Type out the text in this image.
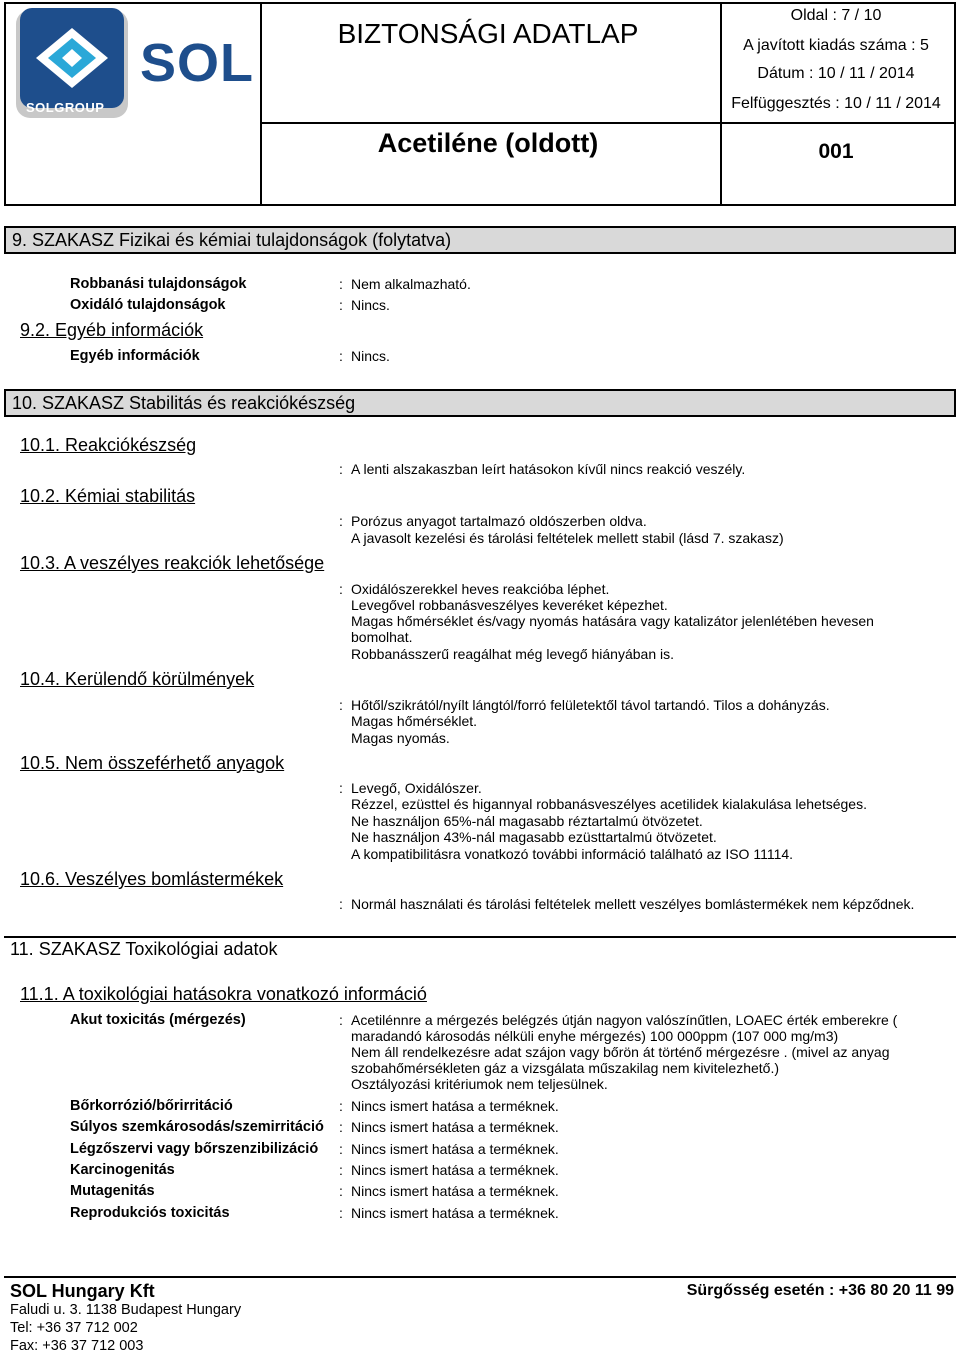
SOL
SOLGROUP
BIZTONSÁGI ADATLAP
Acetiléne (oldott)
Oldal : 7 / 10
A javított kiadás száma : 5
Dátum : 10 / 11 / 2014
Felfüggesztés : 10 / 11 / 2014
001
9. SZAKASZ Fizikai és kémiai tulajdonságok (folytatva)
Robbanási tulajdonságok	: Nem alkalmazható.
Oxidáló tulajdonságok	: Nincs.
9.2. Egyéb információk
Egyéb információk	: Nincs.
10. SZAKASZ Stabilitás és reakciókészség
10.1. Reakciókészség
: A lenti alszakaszban leírt hatásokon kívűl nincs reakció veszély.
10.2. Kémiai stabilitás
: Porózus anyagot tartalmazó oldószerben oldva.
A javasolt kezelési és tárolási feltételek mellett stabil (lásd 7. szakasz)
10.3. A veszélyes reakciók lehetősége
: Oxidálószerekkel heves reakcióba léphet.
Levegővel robbanásveszélyes keveréket képezhet.
Magas hőmérséklet és/vagy nyomás hatására vagy katalizátor jelenlétében hevesen
bomolhat.
Robbanásszerű reagálhat még levegő hiányában is.
10.4. Kerülendő körülmények
: Hőtől/szikrától/nyílt lángtól/forró felületektől távol tartandó. Tilos a dohányzás.
Magas hőmérséklet.
Magas nyomás.
10.5. Nem összeférhető anyagok
: Levegő, Oxidálószer.
Rézzel, ezüsttel és higannyal robbanásveszélyes acetilidek kialakulása lehetséges.
Ne használjon 65%-nál magasabb réztartalmú ötvözetet.
Ne használjon 43%-nál magasabb ezüsttartalmú ötvözetet.
A kompatibilitásra vonatkozó további információ található az ISO 11114.
10.6. Veszélyes bomlástermékek
: Normál használati és tárolási feltételek mellett veszélyes bomlástermékek nem képződnek.
11. SZAKASZ Toxikológiai adatok
11.1. A toxikológiai hatásokra vonatkozó információ
Akut toxicitás (mérgezés)	: Acetilénnre a mérgezés belégzés útján nagyon valószínűtlen, LOAEC érték emberekre (
maradandó károsodás nélküli enyhe mérgezés) 100 000ppm (107 000 mg/m3)
Nem áll rendelkezésre adat szájon vagy bőrön át történő mérgezésre . (mivel az anyag
szobahőmérsékleten gáz a vizsgálata műszakilag nem kivitelezhető.)
Osztályozási kritériumok nem teljesülnek.
Bőrkorrózió/bőrirritáció	: Nincs ismert hatása a terméknek.
Súlyos szemkárosodás/szemirritáció : Nincs ismert hatása a terméknek.
Légzőszervi vagy bőrszenzibilizáció : Nincs ismert hatása a terméknek.
Karcinogenitás	: Nincs ismert hatása a terméknek.
Mutagenitás	: Nincs ismert hatása a terméknek.
Reprodukciós toxicitás	: Nincs ismert hatása a terméknek.
SOL Hungary Kft	Sürgősség esetén : +36 80 20 11 99
Faludi u. 3. 1138 Budapest Hungary
Tel: +36 37 712 002
Fax: +36 37 712 003
